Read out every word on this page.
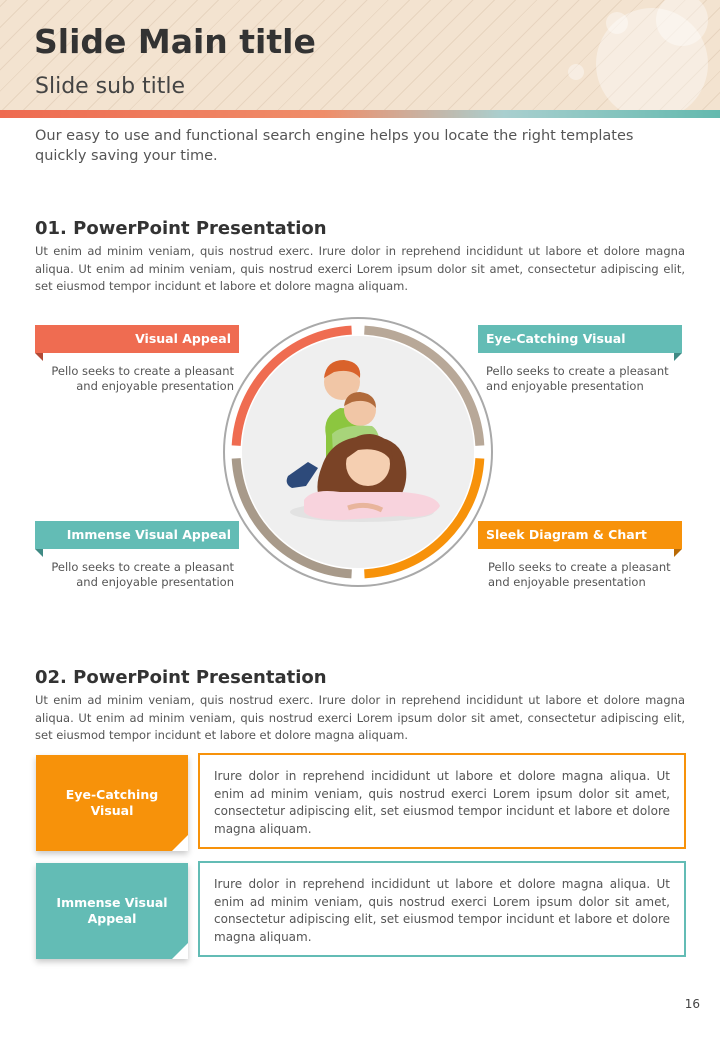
Slide Main title
Slide sub title
Our easy to use and functional search engine helps you locate the right templates quickly saving your time.
01. PowerPoint Presentation
Ut enim ad minim veniam, quis nostrud exerc. Irure dolor in reprehend incididunt ut labore et dolore magna aliqua. Ut enim ad minim veniam, quis nostrud exerci Lorem ipsum dolor sit amet, consectetur adipiscing elit, set eiusmod tempor incidunt et labore et dolore magna aliquam.
Visual Appeal
Pello seeks to create a pleasant and enjoyable presentation
Eye-Catching Visual
Pello seeks to create a pleasant and enjoyable presentation
Immense Visual Appeal
Pello seeks to create a pleasant and enjoyable presentation
Sleek Diagram & Chart
Pello seeks to create a pleasant and enjoyable presentation
02. PowerPoint Presentation
Ut enim ad minim veniam, quis nostrud exerc. Irure dolor in reprehend incididunt ut labore et dolore magna aliqua. Ut enim ad minim veniam, quis nostrud exerci Lorem ipsum dolor sit amet, consectetur adipiscing elit, set eiusmod tempor incidunt et labore et dolore magna aliquam.
Eye-Catching Visual
Irure dolor in reprehend incididunt ut labore et dolore magna aliqua. Ut enim ad minim veniam, quis nostrud exerci Lorem ipsum dolor sit amet, consectetur adipiscing elit, set eiusmod tempor incidunt et labore et dolore magna aliquam.
Immense Visual Appeal
Irure dolor in reprehend incididunt ut labore et dolore magna aliqua. Ut enim ad minim veniam, quis nostrud exerci Lorem ipsum dolor sit amet, consectetur adipiscing elit, set eiusmod tempor incidunt et labore et dolore magna aliquam.
16
